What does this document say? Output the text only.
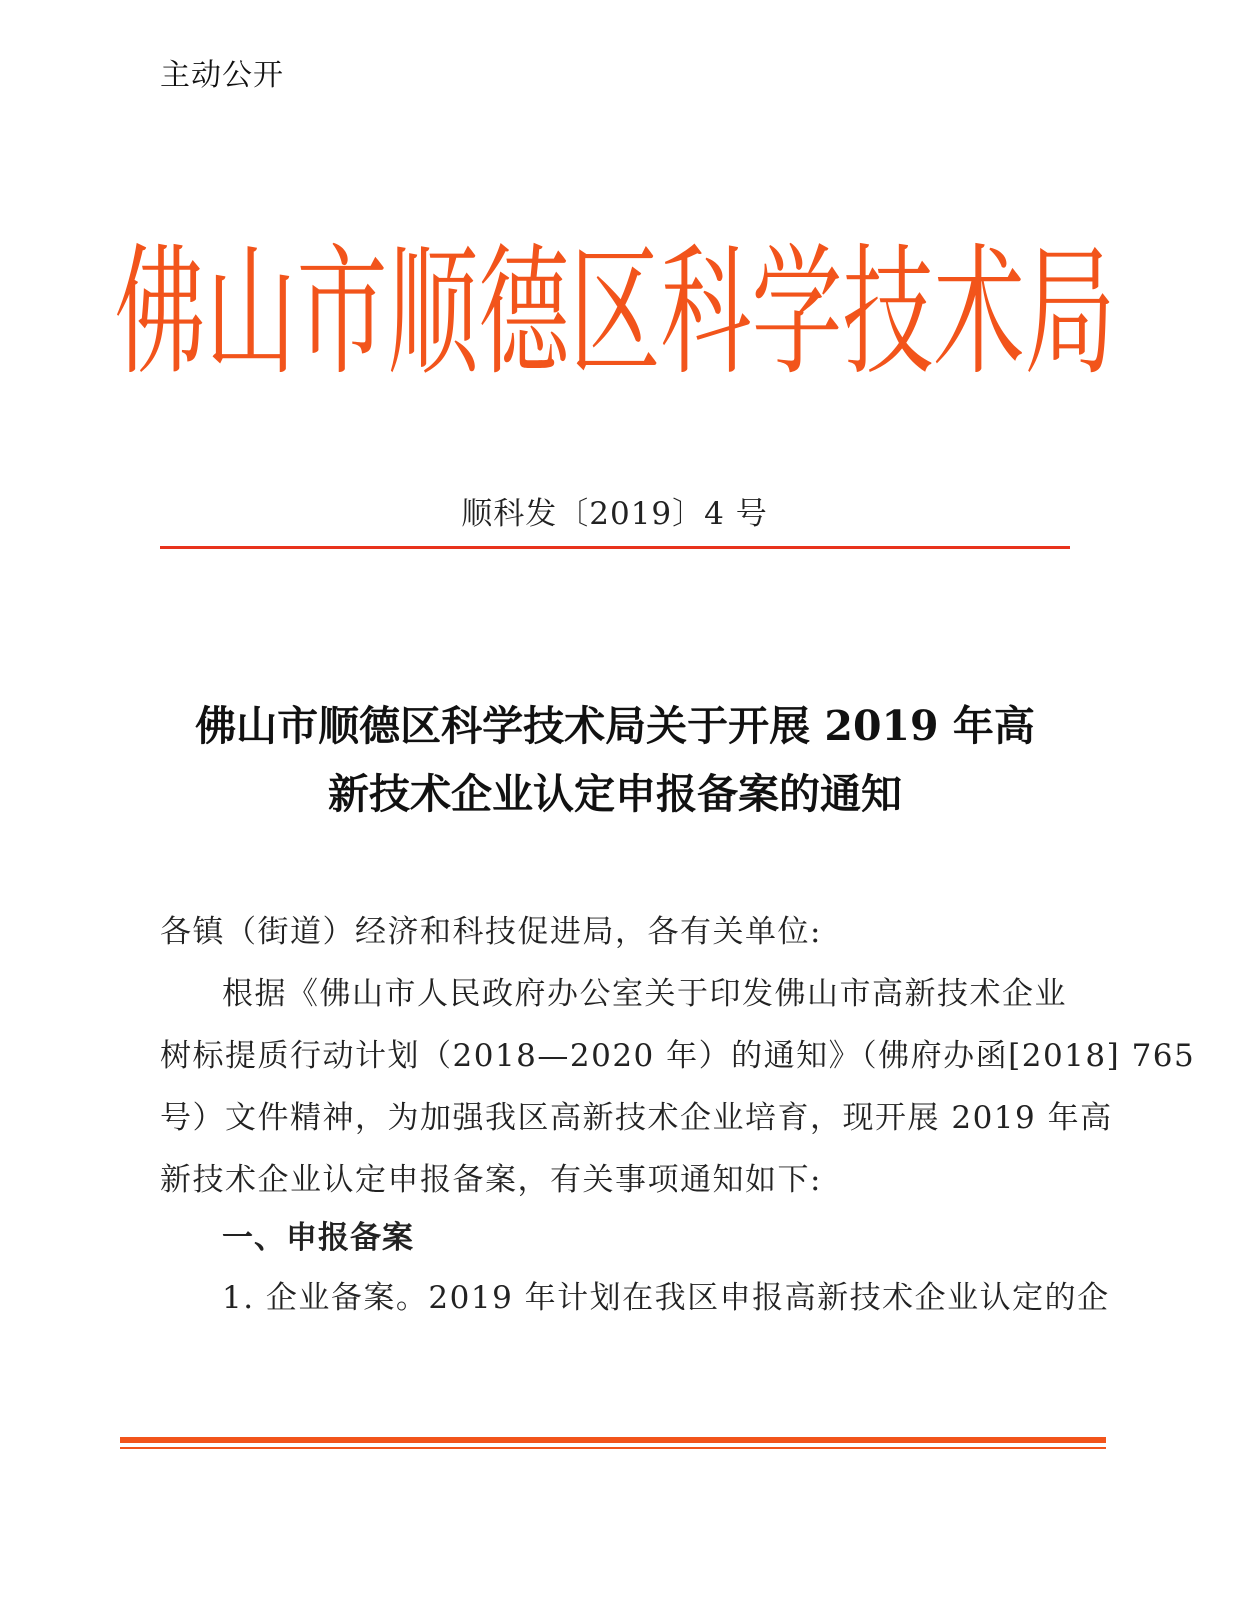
主动公开
佛山市顺德区科学技术局
顺科发〔2019〕4 号
佛山市顺德区科学技术局关于开展 2019 年高
新技术企业认定申报备案的通知
各镇（街道）经济和科技促进局，各有关单位:
根据《佛山市人民政府办公室关于印发佛山市高新技术企业
树标提质行动计划（2018—2020 年）的通知》（佛府办函[2018] 765
号）文件精神，为加强我区高新技术企业培育，现开展 2019 年高
新技术企业认定申报备案，有关事项通知如下:
一、申报备案
1. 企业备案。2019 年计划在我区申报高新技术企业认定的企
